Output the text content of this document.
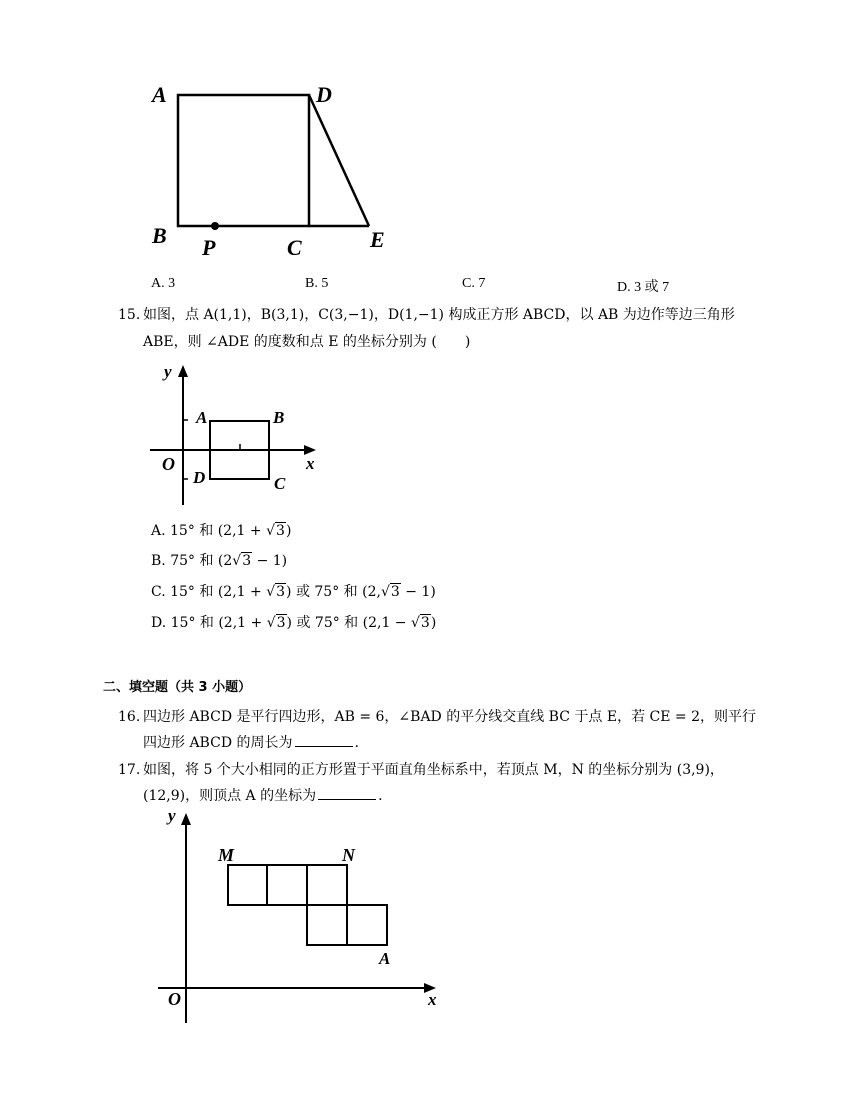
A	D
B P	C	E
A. 3	B. 5	C. 7	D. 3 或 7
15. 如图，点 A(1,1)，B(3,1)，C(3,−1)，D(1,−1) 构成正方形 ABCD，以 AB 为边作等边三角形
ABE，则 ∠ADE 的度数和点 E 的坐标分别为 (　　)
y
x
O
A	B
C
D
A. 15° 和 (2,1 + √3)
B. 75° 和 (2√3 − 1)
C. 15° 和 (2,1 + √3) 或 75° 和 (2,√3 − 1)
D. 15° 和 (2,1 + √3) 或 75° 和 (2,1 − √3)
二、填空题（共 3 小题）
16. 四边形 ABCD 是平行四边形，AB = 6，∠BAD 的平分线交直线 BC 于点 E，若 CE = 2，则平行
四边形 ABCD 的周长为	.
17. 如图，将 5 个大小相同的正方形置于平面直角坐标系中，若顶点 M，N 的坐标分别为 (3,9)，
(12,9)，则顶点 A 的坐标为	.
y
x
O
M	N
A
